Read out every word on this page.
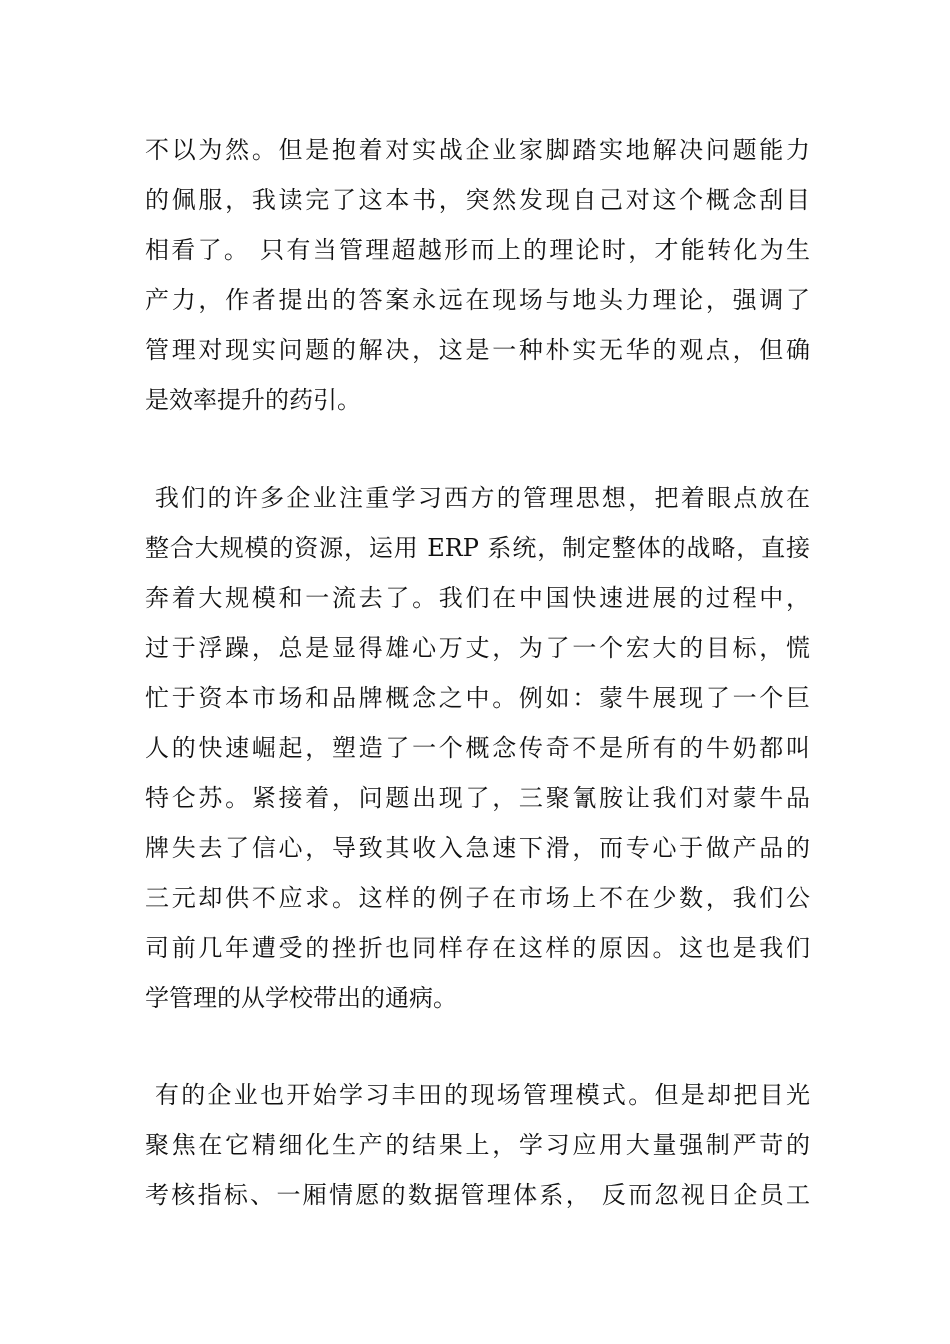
不以为然。但是抱着对实战企业家脚踏实地解决问题能力
的佩服，我读完了这本书，突然发现自己对这个概念刮目
相看了。 只有当管理超越形而上的理论时，才能转化为生
产力，作者提出的答案永远在现场与地头力理论，强调了
管理对现实问题的解决，这是一种朴实无华的观点，但确
是效率提升的药引。

我们的许多企业注重学习西方的管理思想，把着眼点放在
整合大规模的资源，运用 ERP 系统，制定整体的战略，直接
奔着大规模和一流去了。我们在中国快速进展的过程中，
过于浮躁，总是显得雄心万丈，为了一个宏大的目标，慌
忙于资本市场和品牌概念之中。例如：蒙牛展现了一个巨
人的快速崛起，塑造了一个概念传奇不是所有的牛奶都叫
特仑苏。紧接着，问题出现了，三聚氰胺让我们对蒙牛品
牌失去了信心，导致其收入急速下滑，而专心于做产品的
三元却供不应求。这样的例子在市场上不在少数，我们公
司前几年遭受的挫折也同样存在这样的原因。这也是我们
学管理的从学校带出的通病。

有的企业也开始学习丰田的现场管理模式。但是却把目光
聚焦在它精细化生产的结果上，学习应用大量强制严苛的
考核指标、一厢情愿的数据管理体系， 反而忽视日企员工
